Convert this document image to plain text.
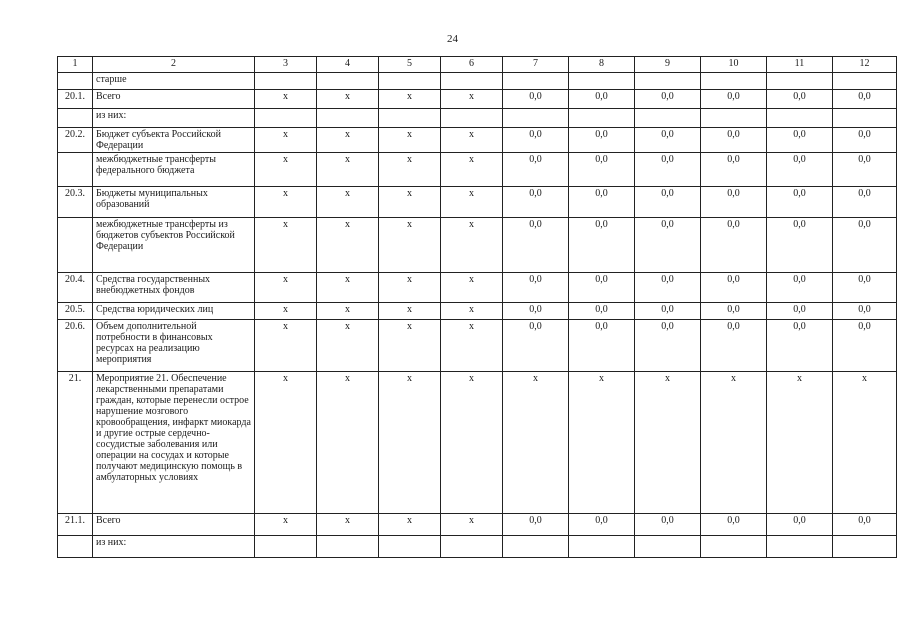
24
1	2	3	4	5	6	7	8	9	10	11	12
	старше										
20.1.	Всего	x	x	x	x	0,0	0,0	0,0	0,0	0,0	0,0
	из них:										
20.2.	Бюджет субъекта Российской Федерации	x	x	x	x	0,0	0,0	0,0	0,0	0,0	0,0
	межбюджетные трансферты федерального бюджета	x	x	x	x	0,0	0,0	0,0	0,0	0,0	0,0
20.3.	Бюджеты муниципальных образований	x	x	x	x	0,0	0,0	0,0	0,0	0,0	0,0
	межбюджетные трансферты из бюджетов субъектов Российской Федерации	x	x	x	x	0,0	0,0	0,0	0,0	0,0	0,0
20.4.	Средства государственных внебюджетных фондов	x	x	x	x	0,0	0,0	0,0	0,0	0,0	0,0
20.5.	Средства юридических лиц	x	x	x	x	0,0	0,0	0,0	0,0	0,0	0,0
20.6.	Объем дополнительной потребности в финансовых ресурсах на реализацию мероприятия	x	x	x	x	0,0	0,0	0,0	0,0	0,0	0,0
21.	Мероприятие 21. Обеспечение лекарственными препаратами граждан, которые перенесли острое нарушение мозгового кровообращения, инфаркт миокарда и другие острые сердечно-сосудистые заболевания или операции на сосудах и которые получают медицинскую помощь в амбулаторных условиях	x	x	x	x	x	x	x	x	x	x
21.1.	Всего	x	x	x	x	0,0	0,0	0,0	0,0	0,0	0,0
	из них:										
